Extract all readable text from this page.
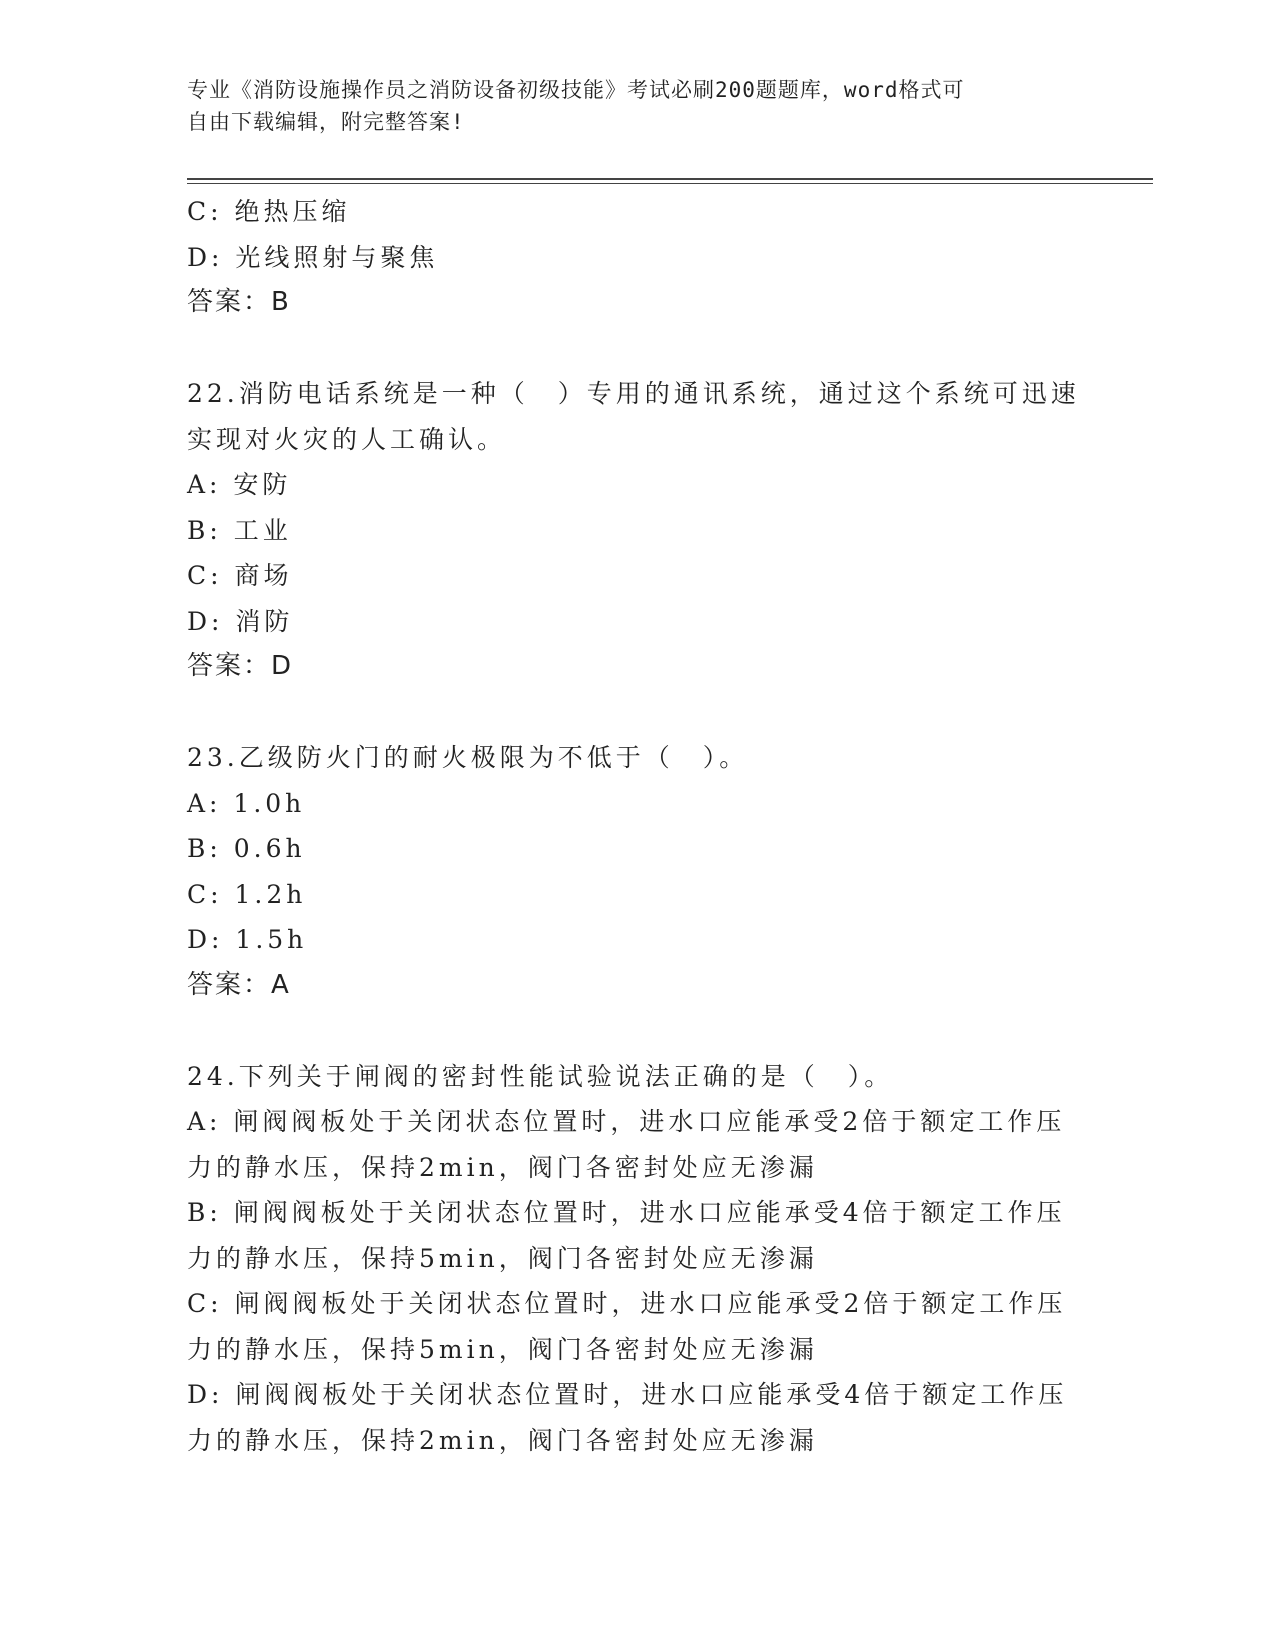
专业《消防设施操作员之消防设备初级技能》考试必刷200题题库，word格式可
自由下载编辑，附完整答案!
C: 绝热压缩
D: 光线照射与聚焦
答案：B
22.消防电话系统是一种（　）专用的通讯系统，通过这个系统可迅速
实现对火灾的人工确认。
A: 安防
B: 工业
C: 商场
D: 消防
答案：D
23.乙级防火门的耐火极限为不低于（　）。
A: 1.0h
B: 0.6h
C: 1.2h
D: 1.5h
答案：A
24.下列关于闸阀的密封性能试验说法正确的是（　）。
A: 闸阀阀板处于关闭状态位置时，进水口应能承受2倍于额定工作压
力的静水压，保持2min，阀门各密封处应无渗漏
B: 闸阀阀板处于关闭状态位置时，进水口应能承受4倍于额定工作压
力的静水压，保持5min，阀门各密封处应无渗漏
C: 闸阀阀板处于关闭状态位置时，进水口应能承受2倍于额定工作压
力的静水压，保持5min，阀门各密封处应无渗漏
D: 闸阀阀板处于关闭状态位置时，进水口应能承受4倍于额定工作压
力的静水压，保持2min，阀门各密封处应无渗漏
